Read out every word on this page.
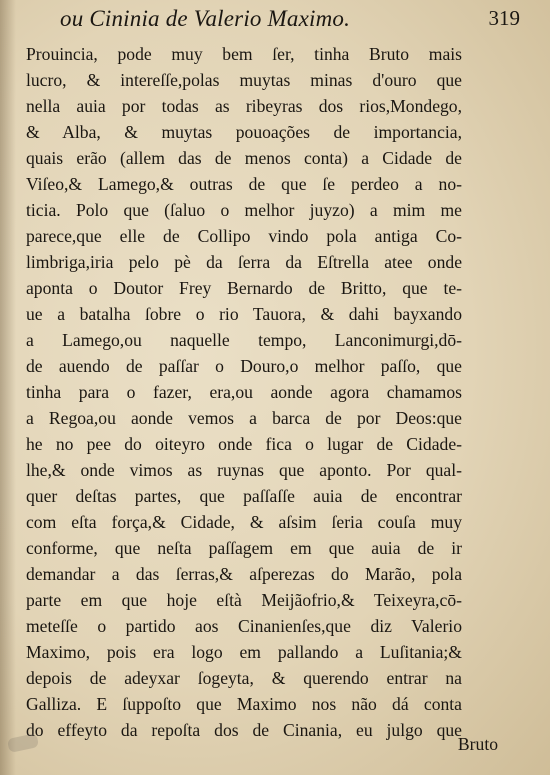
ou Cininia de Valerio Maximo.	319
Prouincia, pode muy bem ſer, tinha Bruto mais
lucro, & intereſſe,polas muytas minas d'ouro que
nella auia por todas as ribeyras dos rios,Mondego,
& Alba, & muytas pouoações de importancia,
quais erão (allem das de menos conta) a Cidade de
Viſeo,& Lamego,& outras de que ſe perdeo a no-
ticia. Polo que (ſaluo o melhor juyzo) a mim me
parece,que elle de Collipo vindo pola antiga Co-
limbriga,iria pelo pè da ſerra da Eſtrella atee onde
aponta o Doutor Frey Bernardo de Britto, que te-
ue a batalha ſobre o rio Tauora, & dahi bayxando
a Lamego,ou naquelle tempo, Lanconimurgi,dō-
de auendo de paſſar o Douro,o melhor paſſo, que
tinha para o fazer, era,ou aonde agora chamamos
a Regoa,ou aonde vemos a barca de por Deos:que
he no pee do oiteyro onde fica o lugar de Cidade-
lhe,& onde vimos as ruynas que aponto. Por qual-
quer deſtas partes, que paſſaſſe auia de encontrar
com eſta força,& Cidade, & aſsim ſeria couſa muy
conforme, que neſta paſſagem em que auia de ir
demandar a das ſerras,& aſperezas do Marão, pola
parte em que hoje eſtà Meijãofrio,& Teixeyra,cō-
meteſſe o partido aos Cinanienſes,que diz Valerio
Maximo, pois era logo em pallando a Luſitania;&
depois de adeyxar ſogeyta, & querendo entrar na
Galliza. E ſuppoſto que Maximo nos não dá conta
do effeyto da repoſta dos de Cinania, eu julgo que
Bruto
